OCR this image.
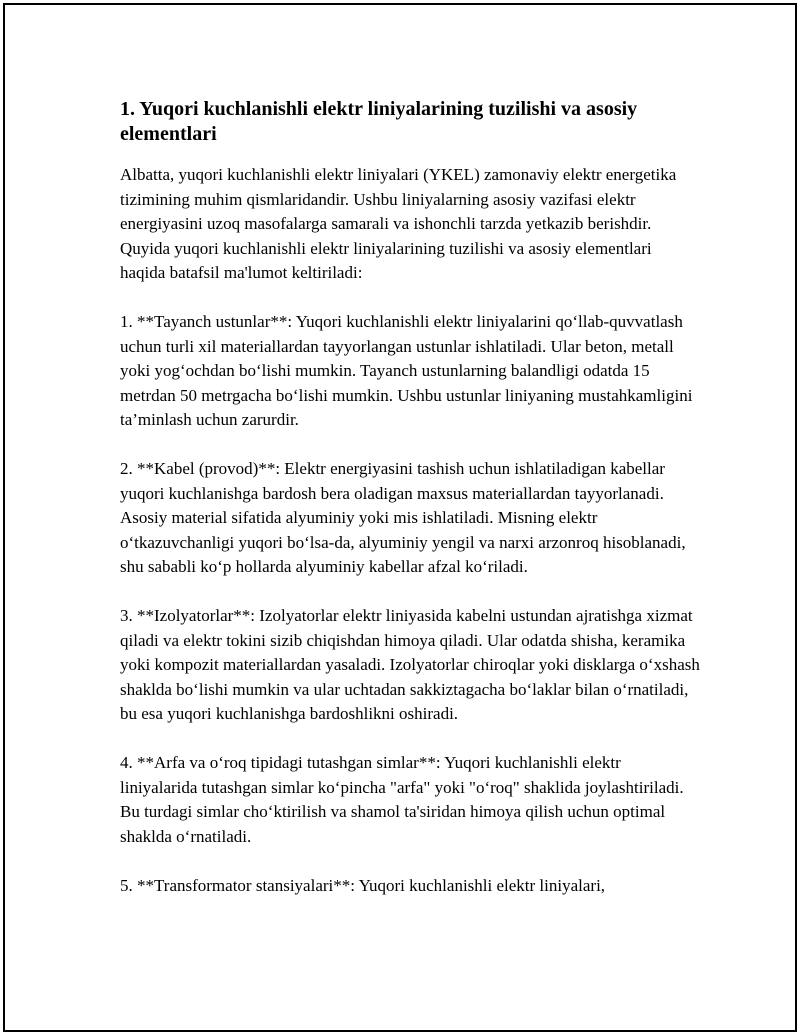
1. Yuqori kuchlanishli elektr liniyalarining tuzilishi va asosiy elementlari

Albatta, yuqori kuchlanishli elektr liniyalari (YKEL) zamonaviy elektr energetika tizimining muhim qismlaridandir. Ushbu liniyalarning asosiy vazifasi elektr energiyasini uzoq masofalarga samarali va ishonchli tarzda yetkazib berishdir. Quyida yuqori kuchlanishli elektr liniyalarining tuzilishi va asosiy elementlari haqida batafsil ma'lumot keltiriladi:

1. **Tayanch ustunlar**: Yuqori kuchlanishli elektr liniyalarini qo‘llab-quvvatlash uchun turli xil materiallardan tayyorlangan ustunlar ishlatiladi. Ular beton, metall yoki yog‘ochdan bo‘lishi mumkin. Tayanch ustunlarning balandligi odatda 15 metrdan 50 metrgacha bo‘lishi mumkin. Ushbu ustunlar liniyaning mustahkamligini ta’minlash uchun zarurdir.

2. **Kabel (provod)**: Elektr energiyasini tashish uchun ishlatiladigan kabellar yuqori kuchlanishga bardosh bera oladigan maxsus materiallardan tayyorlanadi. Asosiy material sifatida alyuminiy yoki mis ishlatiladi. Misning elektr o‘tkazuvchanligi yuqori bo‘lsa-da, alyuminiy yengil va narxi arzonroq hisoblanadi, shu sababli ko‘p hollarda alyuminiy kabellar afzal ko‘riladi.

3. **Izolyatorlar**: Izolyatorlar elektr liniyasida kabelni ustundan ajratishga xizmat qiladi va elektr tokini sizib chiqishdan himoya qiladi. Ular odatda shisha, keramika yoki kompozit materiallardan yasaladi. Izolyatorlar chiroqlar yoki disklarga o‘xshash shaklda bo‘lishi mumkin va ular uchtadan sakkiztagacha bo‘laklar bilan o‘rnatiladi, bu esa yuqori kuchlanishga bardoshlikni oshiradi.

4. **Arfa va o‘roq tipidagi tutashgan simlar**: Yuqori kuchlanishli elektr liniyalarida tutashgan simlar ko‘pincha "arfa" yoki "o‘roq" shaklida joylashtiriladi. Bu turdagi simlar cho‘ktirilish va shamol ta'siridan himoya qilish uchun optimal shaklda o‘rnatiladi.

5. **Transformator stansiyalari**: Yuqori kuchlanishli elektr liniyalari,
